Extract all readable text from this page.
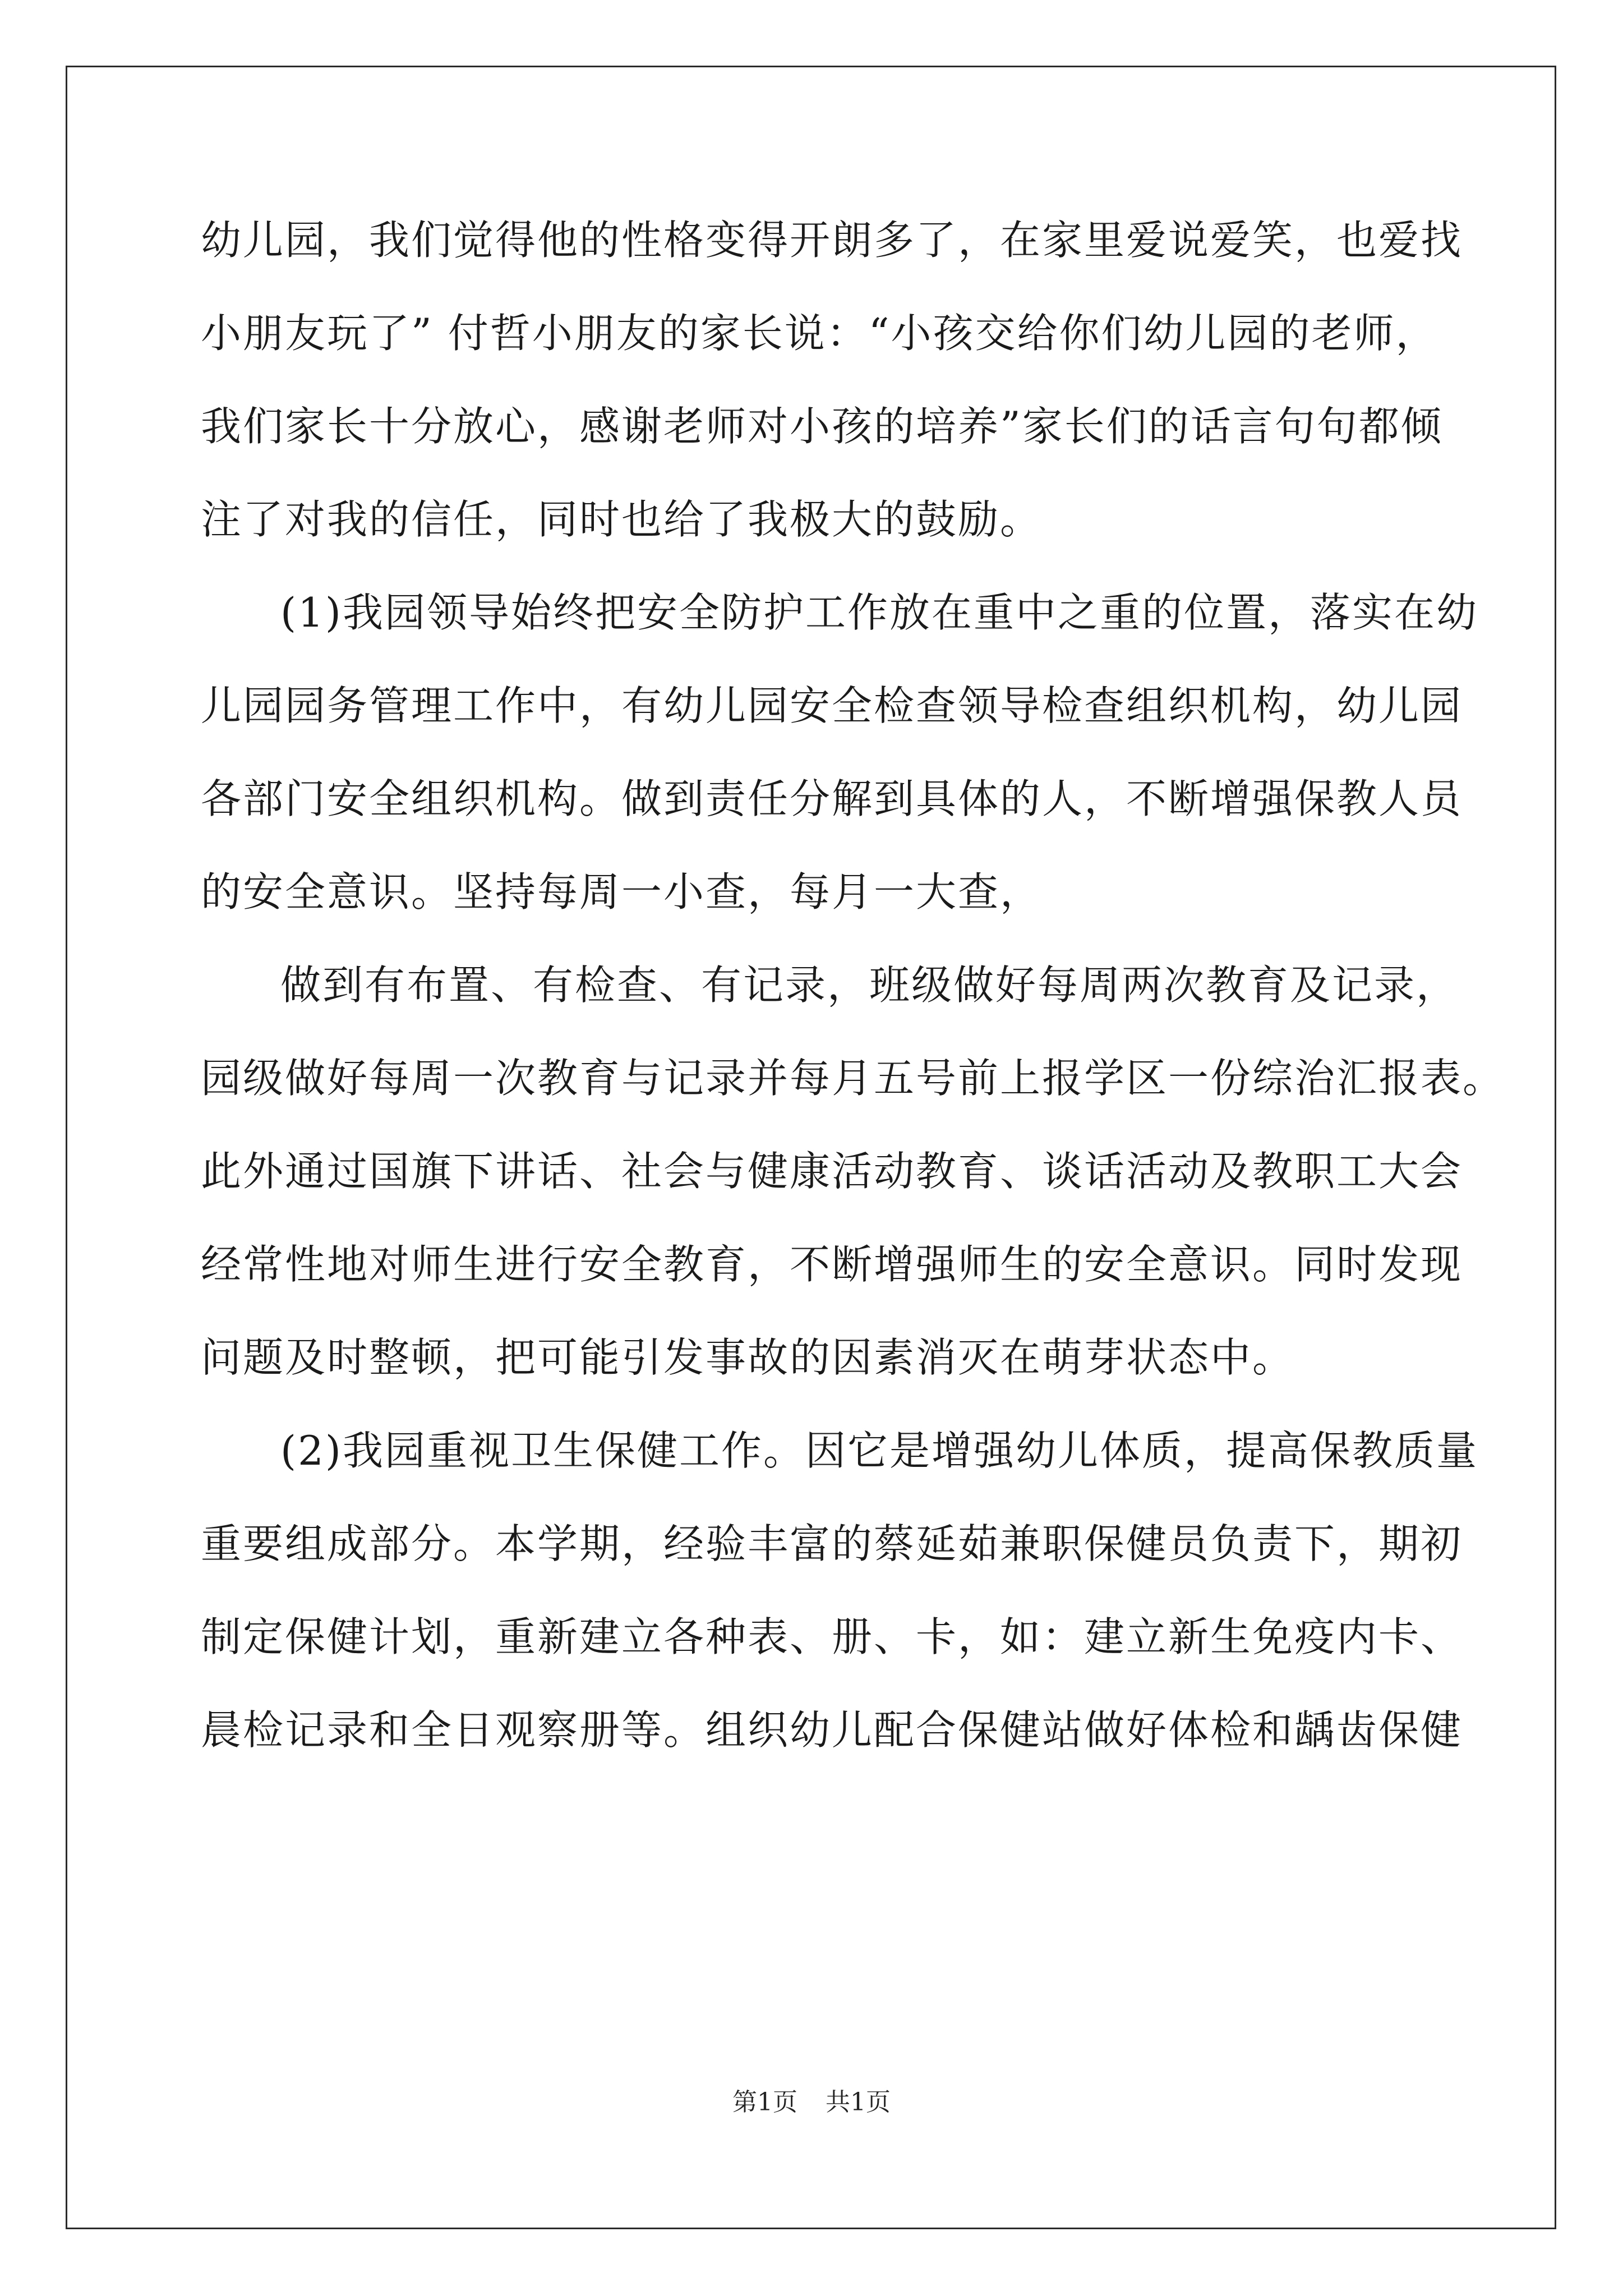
幼儿园，我们觉得他的性格变得开朗多了，在家里爱说爱笑，也爱找
小朋友玩了” 付哲小朋友的家长说：“小孩交给你们幼儿园的老师，
我们家长十分放心，感谢老师对小孩的培养”家长们的话言句句都倾
注了对我的信任，同时也给了我极大的鼓励。
(1)我园领导始终把安全防护工作放在重中之重的位置，落实在幼
儿园园务管理工作中，有幼儿园安全检查领导检查组织机构，幼儿园
各部门安全组织机构。做到责任分解到具体的人，不断增强保教人员
的安全意识。坚持每周一小查，每月一大查，
做到有布置、有检查、有记录，班级做好每周两次教育及记录，
园级做好每周一次教育与记录并每月五号前上报学区一份综治汇报表。
此外通过国旗下讲话、社会与健康活动教育、谈话活动及教职工大会
经常性地对师生进行安全教育，不断增强师生的安全意识。同时发现
问题及时整顿，把可能引发事故的因素消灭在萌芽状态中。
(2)我园重视卫生保健工作。因它是增强幼儿体质，提高保教质量
重要组成部分。本学期，经验丰富的蔡延茹兼职保健员负责下，期初
制定保健计划，重新建立各种表、册、卡，如：建立新生免疫内卡、
晨检记录和全日观察册等。组织幼儿配合保健站做好体检和龋齿保健
第1页 共1页
